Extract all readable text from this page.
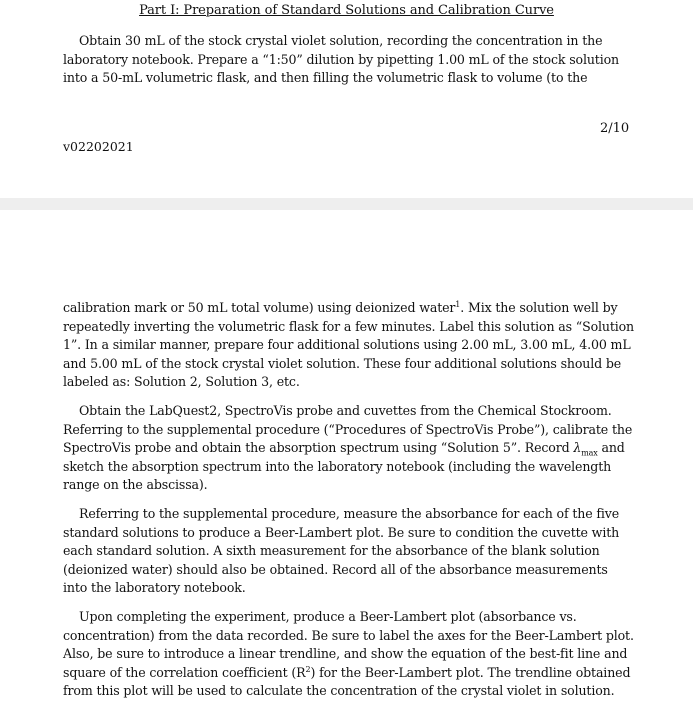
Part I: Preparation of Standard Solutions and Calibration Curve
Obtain 30 mL of the stock crystal violet solution, recording the concentration in the
laboratory notebook. Prepare a “1:50” dilution by pipetting 1.00 mL of the stock solution
into a 50-mL volumetric flask, and then filling the volumetric flask to volume (to the
2/10
v02202021
calibration mark or 50 mL total volume) using deionized water$^1$. Mix the solution well by
repeatedly inverting the volumetric flask for a few minutes. Label this solution as “Solution
1”. In a similar manner, prepare four additional solutions using 2.00 mL, 3.00 mL, 4.00 mL
and 5.00 mL of the stock crystal violet solution. These four additional solutions should be
labeled as: Solution 2, Solution 3, etc.
Obtain the LabQuest2, SpectroVis probe and cuvettes from the Chemical Stockroom.
Referring to the supplemental procedure (“Procedures of SpectroVis Probe”), calibrate the
SpectroVis probe and obtain the absorption spectrum using “Solution 5”. Record $\lambda_{max}$ and
sketch the absorption spectrum into the laboratory notebook (including the wavelength
range on the abscissa).
Referring to the supplemental procedure, measure the absorbance for each of the five
standard solutions to produce a Beer-Lambert plot. Be sure to condition the cuvette with
each standard solution. A sixth measurement for the absorbance of the blank solution
(deionized water) should also be obtained. Record all of the absorbance measurements
into the laboratory notebook.
Upon completing the experiment, produce a Beer-Lambert plot (absorbance vs.
concentration) from the data recorded. Be sure to label the axes for the Beer-Lambert plot.
Also, be sure to introduce a linear trendline, and show the equation of the best-fit line and
square of the correlation coefficient $(R^2)$ for the Beer-Lambert plot. The trendline obtained
from this plot will be used to calculate the concentration of the crystal violet in solution.
